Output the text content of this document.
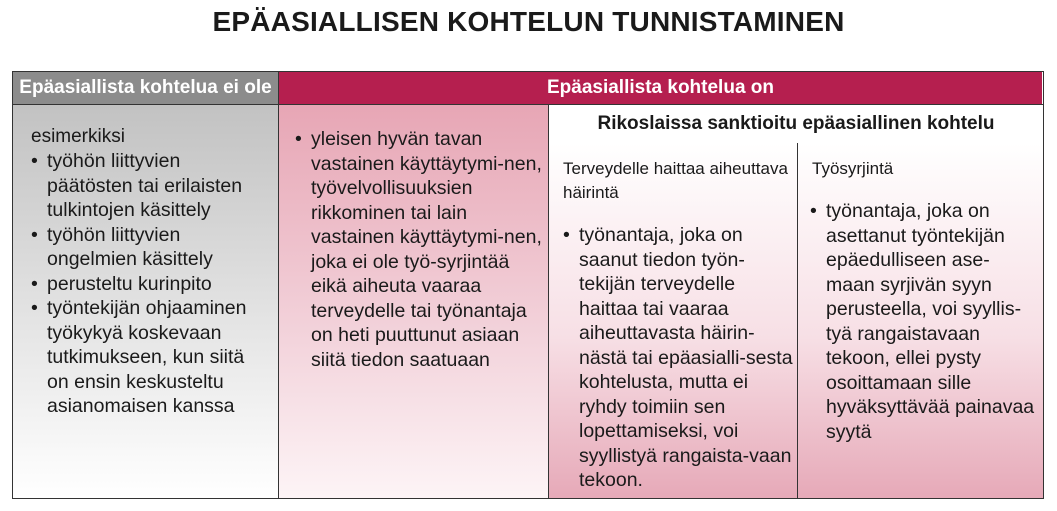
EPÄASIALLISEN KOHTELUN TUNNISTAMINEN
Epäasiallista kohtelua ei ole	Epäasiallista kohtelua on
esimerkiksi
• työhön liittyvien päätösten tai erilaisten tulkintojen käsittely
• työhön liittyvien ongelmien käsittely
• perusteltu kurinpito
• työntekijän ohjaaminen työkykyä koskevaan tutkimukseen, kun siitä on ensin keskusteltu asianomaisen kanssa
• yleisen hyvän tavan vastainen käyttäytymi-nen, työvelvollisuuksien rikkominen tai lain vastainen käyttäytymi-nen, joka ei ole työ-syrjintää eikä aiheuta vaaraa terveydelle tai työnantaja on heti puuttunut asiaan siitä tiedon saatuaan
Rikoslaissa sanktioitu epäasiallinen kohtelu
Terveydelle haittaa aiheuttava häirintä
• työnantaja, joka on saanut tiedon työn-tekijän terveydelle haittaa tai vaaraa aiheuttavasta häirin-nästä tai epäasialli-sesta kohtelusta, mutta ei ryhdy toimiin sen lopettamiseksi, voi syyllistyä rangaista-vaan tekoon.
Työsyrjintä
• työnantaja, joka on asettanut työntekijän epäedulliseen ase-maan syrjivän syyn perusteella, voi syyllis-tyä rangaistavaan tekoon, ellei pysty osoittamaan sille hyväksyttävää painavaa syytä
